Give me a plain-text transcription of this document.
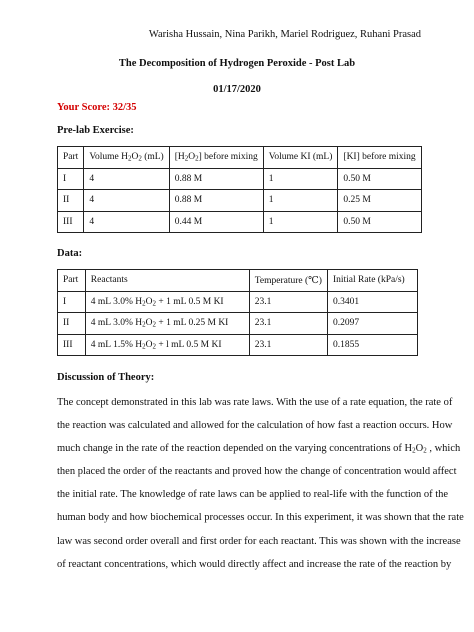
Warisha Hussain, Nina Parikh, Mariel Rodriguez, Ruhani Prasad
The Decomposition of Hydrogen Peroxide - Post Lab
01/17/2020
Your Score: 32/35
Pre-lab Exercise:
Part	Volume $H_2O_2$ (mL)	$[H_2O_2]$ before mixing	Volume KI (mL)	[KI] before mixing
I	4	0.88 M	1	0.50 M
II	4	0.88 M	1	0.25 M
III	4	0.44 M	1	0.50 M
Data:
Part	Reactants	Temperature (℃)	Initial Rate (kPa/s)
I	4 mL 3.0% $H_2O_2 + 1$ mL 0.5 M KI	23.1	0.3401
II	4 mL 3.0% $H_2O_2 + 1$ mL 0.25 M KI	23.1	0.2097
III	4 mL 1.5% $H_2O_2 + l$ mL 0.5 M KI	23.1	0.1855
Discussion of Theory:
The concept demonstrated in this lab was rate laws. With the use of a rate equation, the rate of
the reaction was calculated and allowed for the calculation of how fast a reaction occurs. How
much change in the rate of the reaction depended on the varying concentrations of $H_2O_2$ , which
then placed the order of the reactants and proved how the change of concentration would affect
the initial rate. The knowledge of rate laws can be applied to real-life with the function of the
human body and how biochemical processes occur. In this experiment, it was shown that the rate
law was second order overall and first order for each reactant. This was shown with the increase
of reactant concentrations, which would directly affect and increase the rate of the reaction by
